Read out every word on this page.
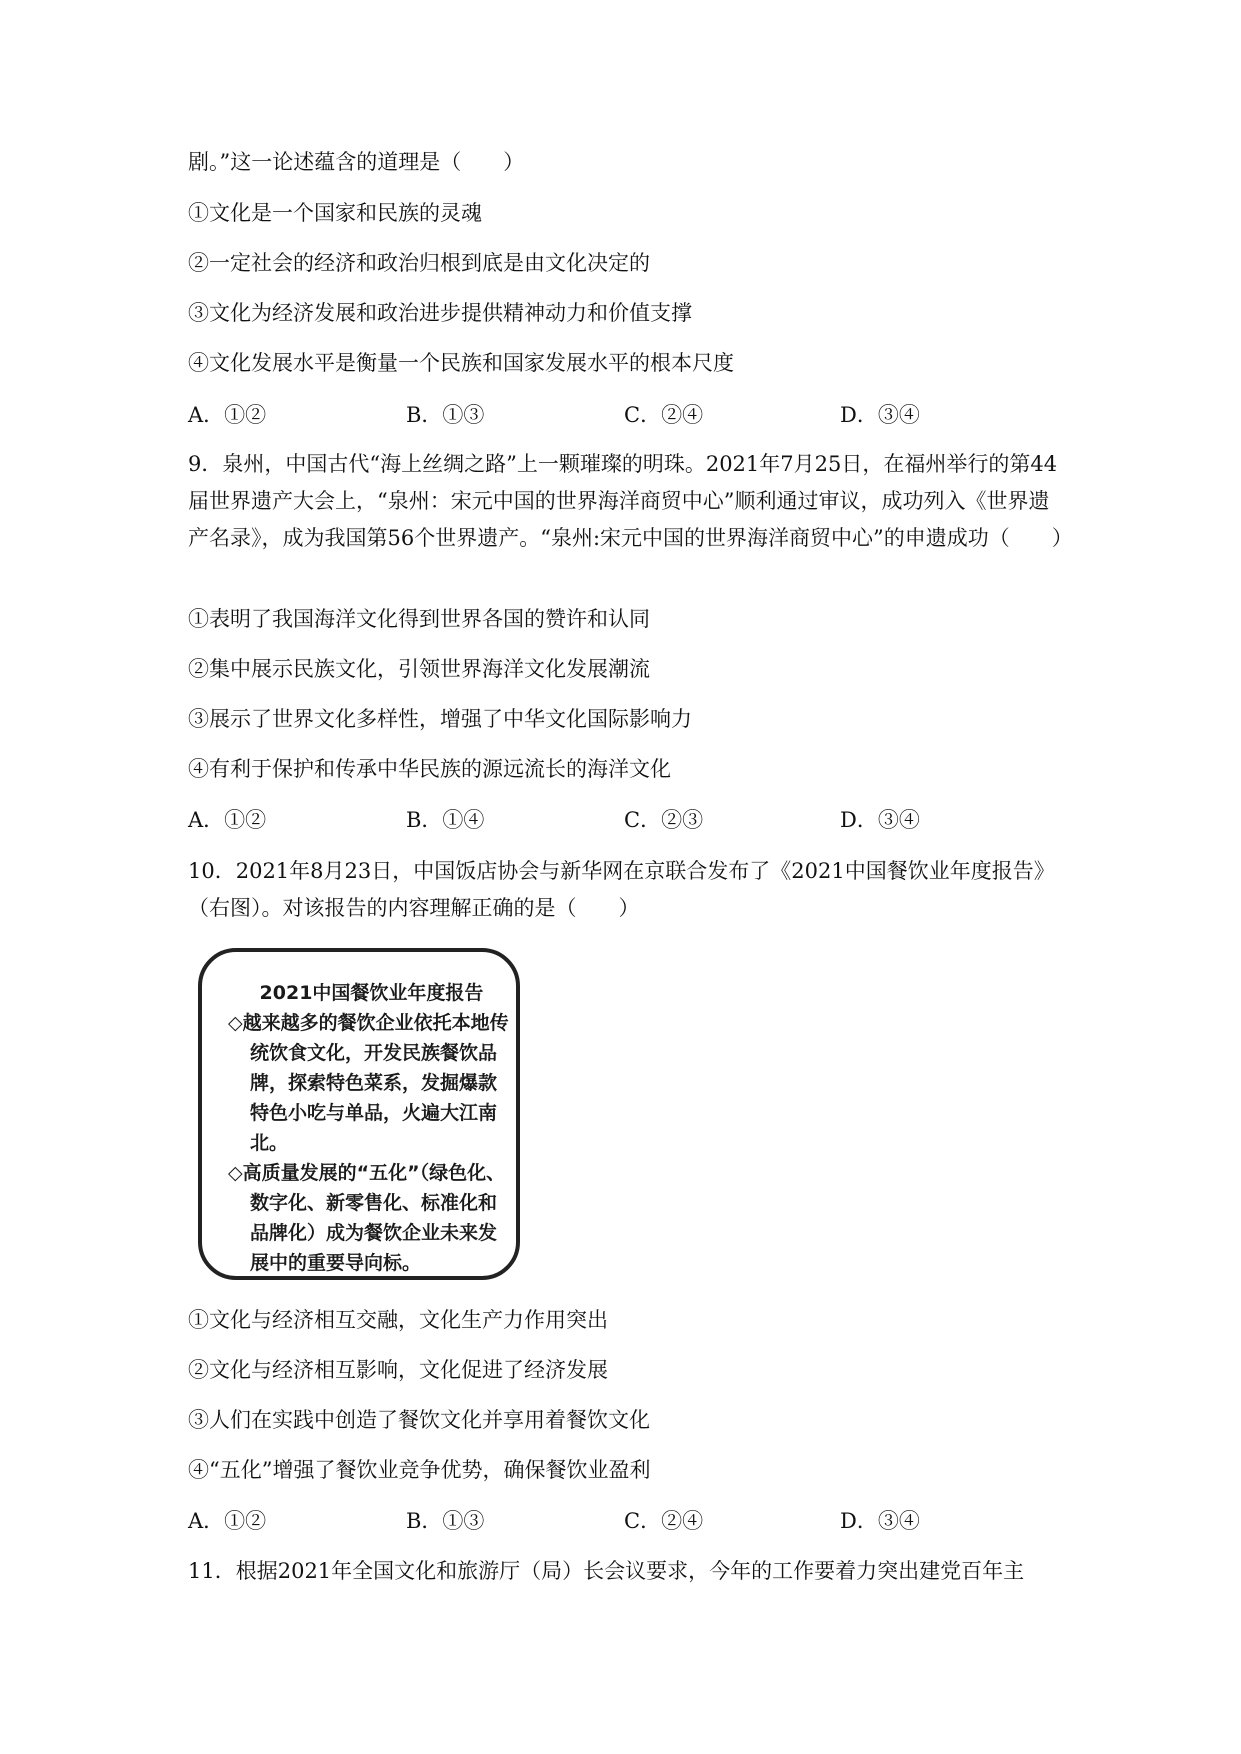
剧。”这一论述蕴含的道理是（　　）
①文化是一个国家和民族的灵魂
②一定社会的经济和政治归根到底是由文化决定的
③文化为经济发展和政治进步提供精神动力和价值支撑
④文化发展水平是衡量一个民族和国家发展水平的根本尺度
A．①②	B．①③	C．②④	D．③④
9．泉州，中国古代“海上丝绸之路”上一颗璀璨的明珠。2021年7月25日，在福州举行的第44届世界遗产大会上，“泉州：宋元中国的世界海洋商贸中心”顺利通过审议，成功列入《世界遗产名录》，成为我国第56个世界遗产。“泉州:宋元中国的世界海洋商贸中心”的申遗成功（　　）
①表明了我国海洋文化得到世界各国的赞许和认同
②集中展示民族文化，引领世界海洋文化发展潮流
③展示了世界文化多样性，增强了中华文化国际影响力
④有利于保护和传承中华民族的源远流长的海洋文化
A．①②	B．①④	C．②③	D．③④
10．2021年8月23日，中国饭店协会与新华网在京联合发布了《2021中国餐饮业年度报告》（右图）。对该报告的内容理解正确的是（　　）
2021中国餐饮业年度报告
◇越来越多的餐饮企业依托本地传统饮食文化，开发民族餐饮品牌，探索特色菜系，发掘爆款特色小吃与单品，火遍大江南北。
◇高质量发展的“五化”（绿色化、数字化、新零售化、标准化和品牌化）成为餐饮企业未来发展中的重要导向标。
①文化与经济相互交融，文化生产力作用突出
②文化与经济相互影响，文化促进了经济发展
③人们在实践中创造了餐饮文化并享用着餐饮文化
④“五化”增强了餐饮业竞争优势，确保餐饮业盈利
A．①②	B．①③	C．②④	D．③④
11．根据2021年全国文化和旅游厅（局）长会议要求，今年的工作要着力突出建党百年主
